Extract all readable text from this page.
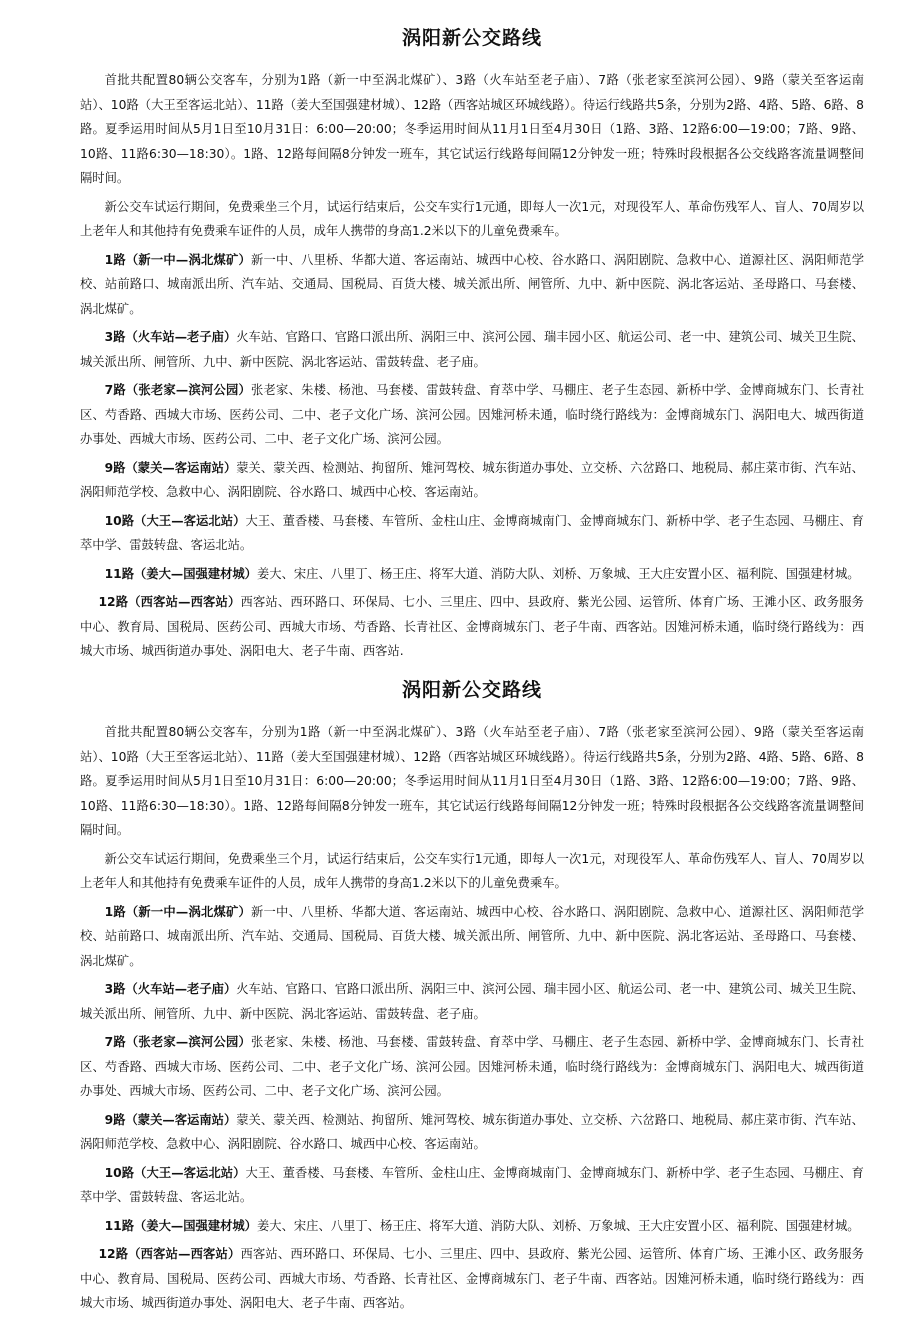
涡阳新公交路线

首批共配置80辆公交客车，分别为1路（新一中至涡北煤矿）、3路（火车站至老子庙）、7路（张老家至滨河公园）、9路（蒙关至客运南站）、10路（大王至客运北站）、11路（姜大至国强建材城）、12路（西客站城区环城线路）。待运行线路共5条，分别为2路、4路、5路、6路、8路。夏季运用时间从5月1日至10月31日：6:00—20:00；冬季运用时间从11月1日至4月30日（1路、3路、12路6:00—19:00；7路、9路、10路、11路6:30—18:30）。1路、12路每间隔8分钟发一班车，其它试运行线路每间隔12分钟发一班；特殊时段根据各公交线路客流量调整间隔时间。

新公交车试运行期间，免费乘坐三个月，试运行结束后，公交车实行1元通，即每人一次1元，对现役军人、革命伤残军人、盲人、70周岁以上老年人和其他持有免费乘车证件的人员，成年人携带的身高1.2米以下的儿童免费乘车。

1路（新一中—涡北煤矿）新一中、八里桥、华都大道、客运南站、城西中心校、谷水路口、涡阳剧院、急救中心、道源社区、涡阳师范学校、站前路口、城南派出所、汽车站、交通局、国税局、百货大楼、城关派出所、闸管所、九中、新中医院、涡北客运站、圣母路口、马套楼、涡北煤矿。

3路（火车站—老子庙）火车站、官路口、官路口派出所、涡阳三中、滨河公园、瑞丰园小区、航运公司、老一中、建筑公司、城关卫生院、城关派出所、闸管所、九中、新中医院、涡北客运站、雷鼓转盘、老子庙。

7路（张老家—滨河公园）张老家、朱楼、杨池、马套楼、雷鼓转盘、育萃中学、马棚庄、老子生态园、新桥中学、金博商城东门、长青社区、芍香路、西城大市场、医药公司、二中、老子文化广场、滨河公园。因雉河桥未通，临时绕行路线为：金博商城东门、涡阳电大、城西街道办事处、西城大市场、医药公司、二中、老子文化广场、滨河公园。

9路（蒙关—客运南站）蒙关、蒙关西、检测站、拘留所、雉河驾校、城东街道办事处、立交桥、六岔路口、地税局、郝庄菜市街、汽车站、涡阳师范学校、急救中心、涡阳剧院、谷水路口、城西中心校、客运南站。

10路（大王—客运北站）大王、董香楼、马套楼、车管所、金柱山庄、金博商城南门、金博商城东门、新桥中学、老子生态园、马棚庄、育萃中学、雷鼓转盘、客运北站。

11路（姜大—国强建材城）姜大、宋庄、八里丁、杨王庄、将军大道、消防大队、刘桥、万象城、王大庄安置小区、福利院、国强建材城。

12路（西客站—西客站）西客站、西环路口、环保局、七小、三里庄、四中、县政府、紫光公园、运管所、体育广场、王滩小区、政务服务中心、教育局、国税局、医药公司、西城大市场、芍香路、长青社区、金博商城东门、老子牛南、西客站。因雉河桥未通，临时绕行路线为：西城大市场、城西街道办事处、涡阳电大、老子牛南、西客站.

涡阳新公交路线

首批共配置80辆公交客车，分别为1路（新一中至涡北煤矿）、3路（火车站至老子庙）、7路（张老家至滨河公园）、9路（蒙关至客运南站）、10路（大王至客运北站）、11路（姜大至国强建材城）、12路（西客站城区环城线路）。待运行线路共5条，分别为2路、4路、5路、6路、8路。夏季运用时间从5月1日至10月31日：6:00—20:00；冬季运用时间从11月1日至4月30日（1路、3路、12路6:00—19:00；7路、9路、10路、11路6:30—18:30）。1路、12路每间隔8分钟发一班车，其它试运行线路每间隔12分钟发一班；特殊时段根据各公交线路客流量调整间隔时间。

新公交车试运行期间，免费乘坐三个月，试运行结束后，公交车实行1元通，即每人一次1元，对现役军人、革命伤残军人、盲人、70周岁以上老年人和其他持有免费乘车证件的人员，成年人携带的身高1.2米以下的儿童免费乘车。

1路（新一中—涡北煤矿）新一中、八里桥、华都大道、客运南站、城西中心校、谷水路口、涡阳剧院、急救中心、道源社区、涡阳师范学校、站前路口、城南派出所、汽车站、交通局、国税局、百货大楼、城关派出所、闸管所、九中、新中医院、涡北客运站、圣母路口、马套楼、涡北煤矿。

3路（火车站—老子庙）火车站、官路口、官路口派出所、涡阳三中、滨河公园、瑞丰园小区、航运公司、老一中、建筑公司、城关卫生院、城关派出所、闸管所、九中、新中医院、涡北客运站、雷鼓转盘、老子庙。

7路（张老家—滨河公园）张老家、朱楼、杨池、马套楼、雷鼓转盘、育萃中学、马棚庄、老子生态园、新桥中学、金博商城东门、长青社区、芍香路、西城大市场、医药公司、二中、老子文化广场、滨河公园。因雉河桥未通，临时绕行路线为：金博商城东门、涡阳电大、城西街道办事处、西城大市场、医药公司、二中、老子文化广场、滨河公园。

9路（蒙关—客运南站）蒙关、蒙关西、检测站、拘留所、雉河驾校、城东街道办事处、立交桥、六岔路口、地税局、郝庄菜市街、汽车站、涡阳师范学校、急救中心、涡阳剧院、谷水路口、城西中心校、客运南站。

10路（大王—客运北站）大王、董香楼、马套楼、车管所、金柱山庄、金博商城南门、金博商城东门、新桥中学、老子生态园、马棚庄、育萃中学、雷鼓转盘、客运北站。

11路（姜大—国强建材城）姜大、宋庄、八里丁、杨王庄、将军大道、消防大队、刘桥、万象城、王大庄安置小区、福利院、国强建材城。

12路（西客站—西客站）西客站、西环路口、环保局、七小、三里庄、四中、县政府、紫光公园、运管所、体育广场、王滩小区、政务服务中心、教育局、国税局、医药公司、西城大市场、芍香路、长青社区、金博商城东门、老子牛南、西客站。因雉河桥未通，临时绕行路线为：西城大市场、城西街道办事处、涡阳电大、老子牛南、西客站。
